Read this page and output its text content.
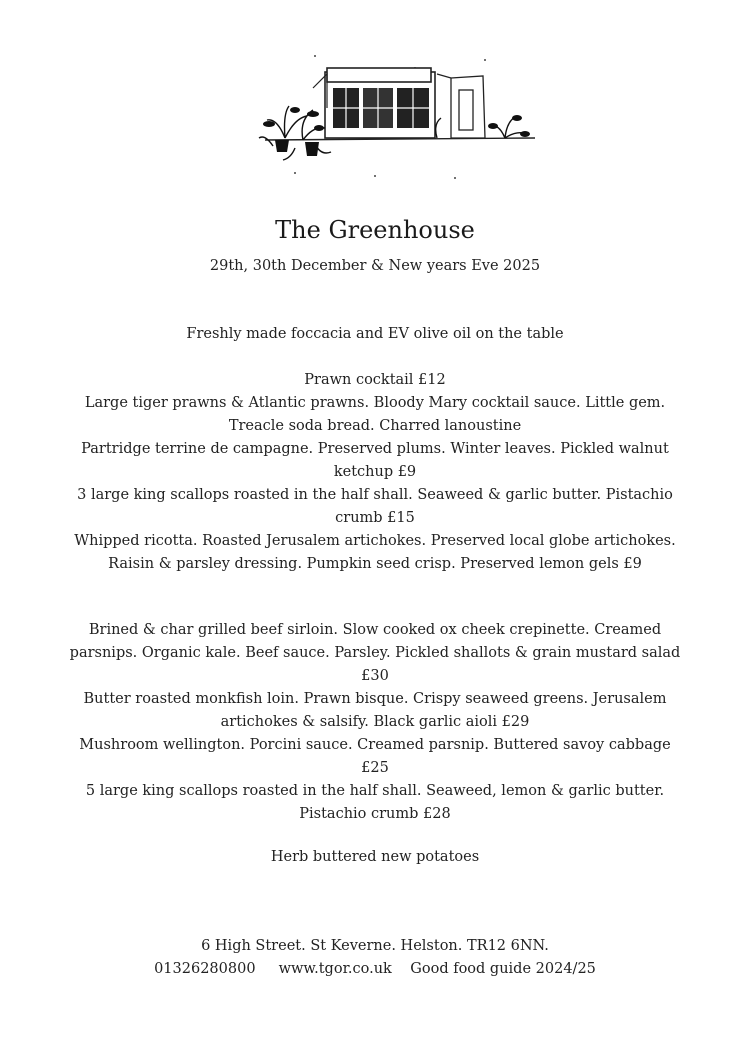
The Greenhouse
29th, 30th December & New years Eve 2025
Freshly made foccacia and EV olive oil on the table
Prawn cocktail £12
Large tiger prawns & Atlantic prawns. Bloody Mary cocktail sauce. Little gem.
Treacle soda bread. Charred lanoustine
Partridge terrine de campagne. Preserved plums. Winter leaves. Pickled walnut
ketchup £9
3 large king scallops roasted in the half shall. Seaweed & garlic butter. Pistachio
crumb £15
Whipped ricotta. Roasted Jerusalem artichokes. Preserved local globe artichokes.
Raisin & parsley dressing. Pumpkin seed crisp. Preserved lemon gels £9
Brined & char grilled beef sirloin. Slow cooked ox cheek crepinette. Creamed
parsnips. Organic kale. Beef sauce. Parsley. Pickled shallots & grain mustard salad
£30
Butter roasted monkfish loin. Prawn bisque. Crispy seaweed greens. Jerusalem
artichokes & salsify. Black garlic aioli £29
Mushroom wellington. Porcini sauce. Creamed parsnip. Buttered savoy cabbage
£25
5 large king scallops roasted in the half shall. Seaweed, lemon & garlic butter.
Pistachio crumb £28
Herb buttered new potatoes
6 High Street. St Keverne. Helston. TR12 6NN.
01326280800     www.tgor.co.uk    Good food guide 2024/25
